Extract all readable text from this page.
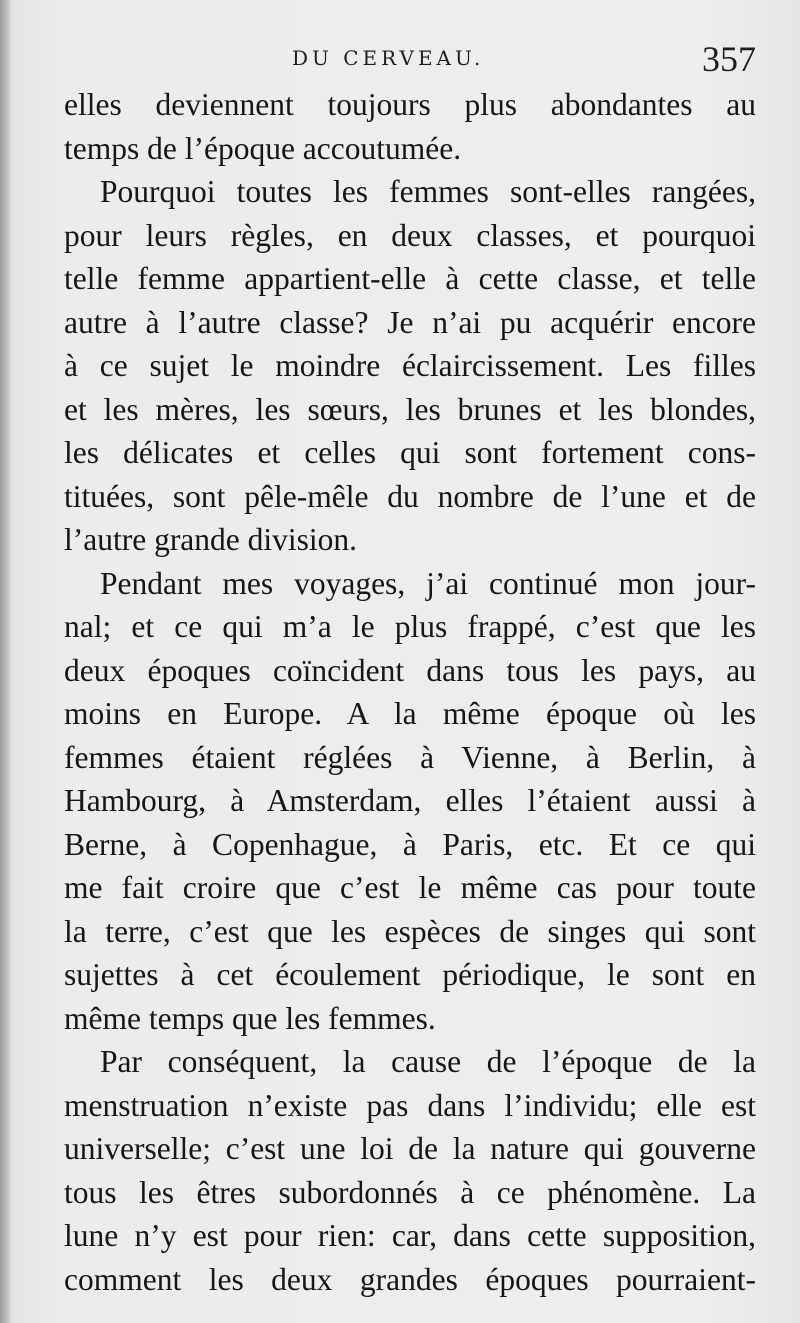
DU CERVEAU.	357

elles deviennent toujours plus abondantes au
temps de l’époque accoutumée.

Pourquoi toutes les femmes sont-elles rangées,
pour leurs règles, en deux classes, et pourquoi
telle femme appartient-elle à cette classe, et telle
autre à l’autre classe? Je n’ai pu acquérir encore
à ce sujet le moindre éclaircissement. Les filles
et les mères, les sœurs, les brunes et les blondes,
les délicates et celles qui sont fortement cons-
tituées, sont pêle-mêle du nombre de l’une et de
l’autre grande division.

Pendant mes voyages, j’ai continué mon jour-
nal; et ce qui m’a le plus frappé, c’est que les
deux époques coïncident dans tous les pays, au
moins en Europe. A la même époque où les
femmes étaient réglées à Vienne, à Berlin, à
Hambourg, à Amsterdam, elles l’étaient aussi à
Berne, à Copenhague, à Paris, etc. Et ce qui
me fait croire que c’est le même cas pour toute
la terre, c’est que les espèces de singes qui sont
sujettes à cet écoulement périodique, le sont en
même temps que les femmes.

Par conséquent, la cause de l’époque de la
menstruation n’existe pas dans l’individu; elle est
universelle; c’est une loi de la nature qui gouverne
tous les êtres subordonnés à ce phénomène. La
lune n’y est pour rien: car, dans cette supposition,
comment les deux grandes époques pourraient-
